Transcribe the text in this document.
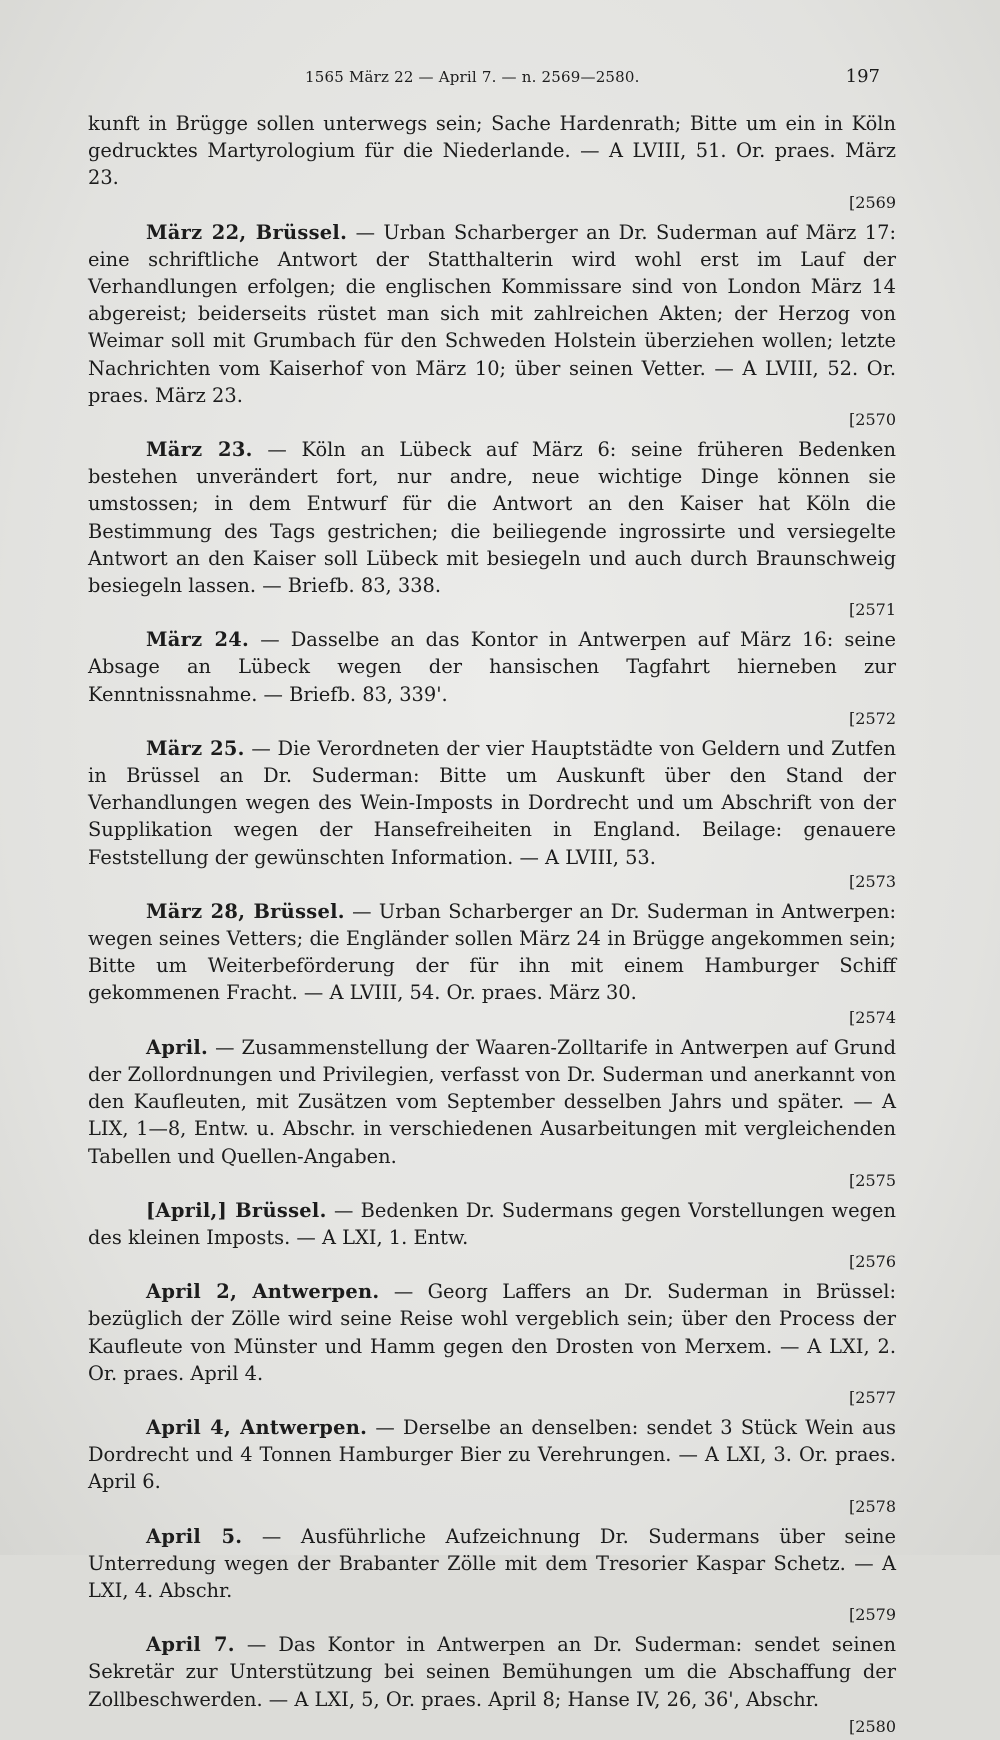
1565 März 22 — April 7. — n. 2569—2580.	197

kunft in Brügge sollen unterwegs sein; Sache Hardenrath; Bitte um ein in Köln gedrucktes Martyrologium für die Niederlande. — A LVIII, 51. Or. praes. März 23.

[2569

März 22, Brüssel. — Urban Scharberger an Dr. Suderman auf März 17: eine schriftliche Antwort der Statthalterin wird wohl erst im Lauf der Verhandlungen erfolgen; die englischen Kommissare sind von London März 14 abgereist; beiderseits rüstet man sich mit zahlreichen Akten; der Herzog von Weimar soll mit Grumbach für den Schweden Holstein überziehen wollen; letzte Nachrichten vom Kaiserhof von März 10; über seinen Vetter. — A LVIII, 52. Or. praes. März 23.

[2570

März 23. — Köln an Lübeck auf März 6: seine früheren Bedenken bestehen unverändert fort, nur andre, neue wichtige Dinge können sie umstossen; in dem Entwurf für die Antwort an den Kaiser hat Köln die Bestimmung des Tags gestrichen; die beiliegende ingrossirte und versiegelte Antwort an den Kaiser soll Lübeck mit besiegeln und auch durch Braunschweig besiegeln lassen. — Briefb. 83, 338.

[2571

März 24. — Dasselbe an das Kontor in Antwerpen auf März 16: seine Absage an Lübeck wegen der hansischen Tagfahrt hierneben zur Kenntnissnahme. — Briefb. 83, 339'.

[2572

März 25. — Die Verordneten der vier Hauptstädte von Geldern und Zutfen in Brüssel an Dr. Suderman: Bitte um Auskunft über den Stand der Verhandlungen wegen des Wein-Imposts in Dordrecht und um Abschrift von der Supplikation wegen der Hansefreiheiten in England. Beilage: genauere Feststellung der gewünschten Information. — A LVIII, 53.

[2573

März 28, Brüssel. — Urban Scharberger an Dr. Suderman in Antwerpen: wegen seines Vetters; die Engländer sollen März 24 in Brügge angekommen sein; Bitte um Weiterbeförderung der für ihn mit einem Hamburger Schiff gekommenen Fracht. — A LVIII, 54. Or. praes. März 30.

[2574

April. — Zusammenstellung der Waaren-Zolltarife in Antwerpen auf Grund der Zollordnungen und Privilegien, verfasst von Dr. Suderman und anerkannt von den Kaufleuten, mit Zusätzen vom September desselben Jahrs und später. — A LIX, 1—8, Entw. u. Abschr. in verschiedenen Ausarbeitungen mit vergleichenden Tabellen und Quellen-Angaben.

[2575

[April,] Brüssel. — Bedenken Dr. Sudermans gegen Vorstellungen wegen des kleinen Imposts. — A LXI, 1. Entw.

[2576

April 2, Antwerpen. — Georg Laffers an Dr. Suderman in Brüssel: bezüglich der Zölle wird seine Reise wohl vergeblich sein; über den Process der Kaufleute von Münster und Hamm gegen den Drosten von Merxem. — A LXI, 2. Or. praes. April 4.

[2577

April 4, Antwerpen. — Derselbe an denselben: sendet 3 Stück Wein aus Dordrecht und 4 Tonnen Hamburger Bier zu Verehrungen. — A LXI, 3. Or. praes. April 6.

[2578

April 5. — Ausführliche Aufzeichnung Dr. Sudermans über seine Unterredung wegen der Brabanter Zölle mit dem Tresorier Kaspar Schetz. — A LXI, 4. Abschr.

[2579

April 7. — Das Kontor in Antwerpen an Dr. Suderman: sendet seinen Sekretär zur Unterstützung bei seinen Bemühungen um die Abschaffung der Zollbeschwerden. — A LXI, 5, Or. praes. April 8; Hanse IV, 26, 36', Abschr.
[2580
